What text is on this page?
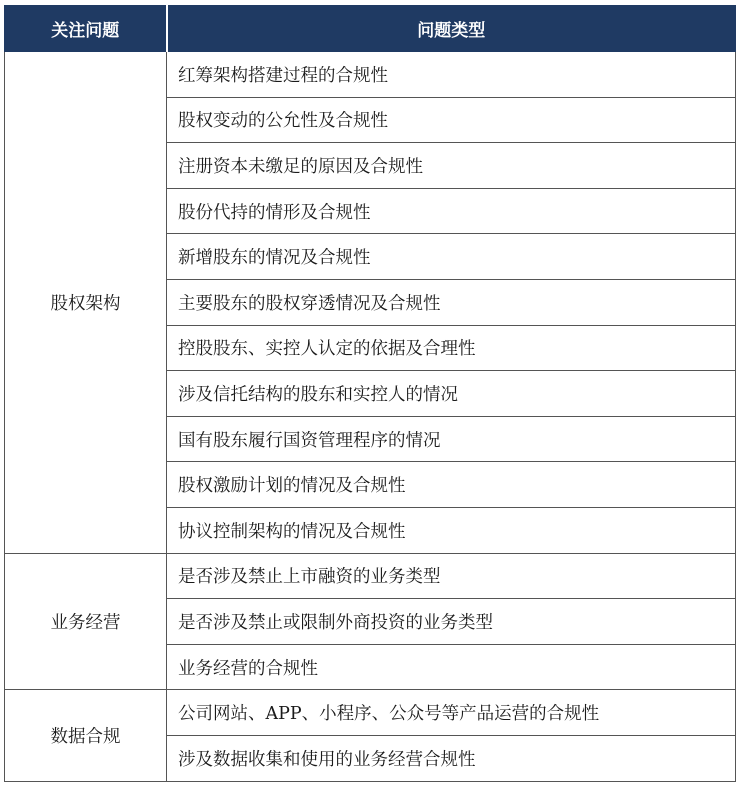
关注问题	问题类型
股权架构	红筹架构搭建过程的合规性
	股权变动的公允性及合规性
	注册资本未缴足的原因及合规性
	股份代持的情形及合规性
	新增股东的情况及合规性
	主要股东的股权穿透情况及合规性
	控股股东、实控人认定的依据及合理性
	涉及信托结构的股东和实控人的情况
	国有股东履行国资管理程序的情况
	股权激励计划的情况及合规性
	协议控制架构的情况及合规性
业务经营	是否涉及禁止上市融资的业务类型
	是否涉及禁止或限制外商投资的业务类型
	业务经营的合规性
数据合规	公司网站、APP、小程序、公众号等产品运营的合规性
	涉及数据收集和使用的业务经营合规性
